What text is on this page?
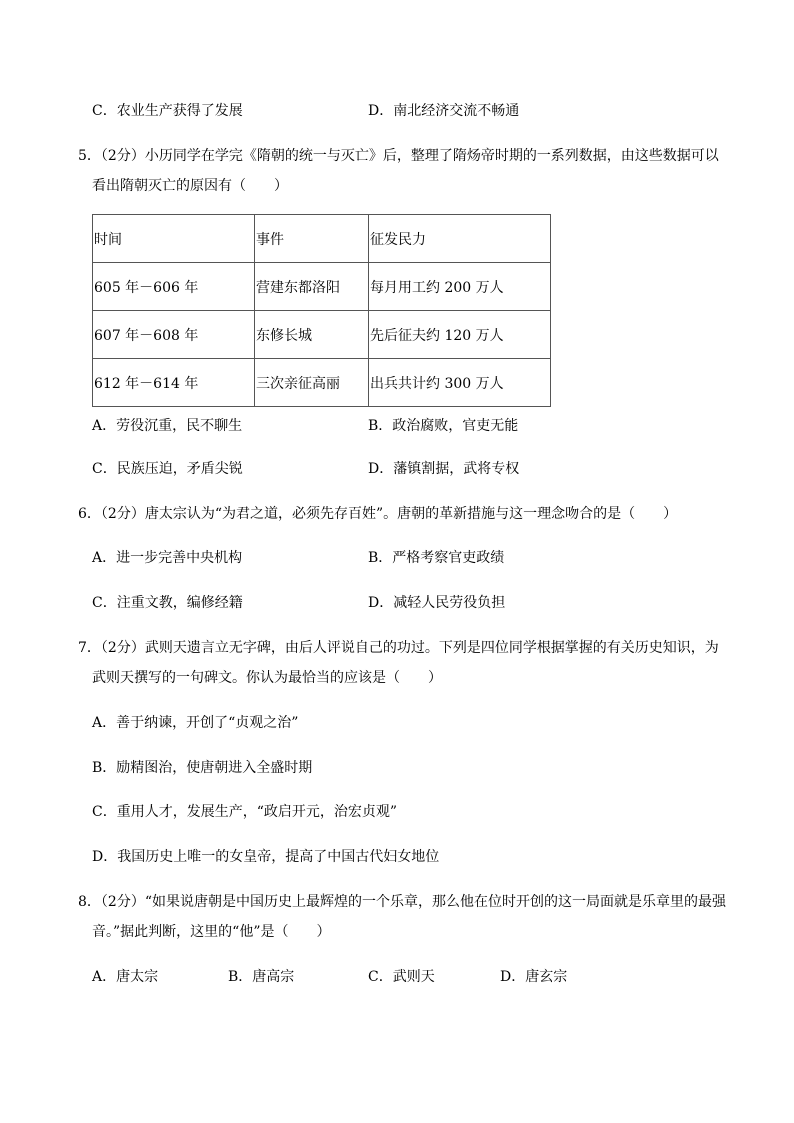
C．农业生产获得了发展	D．南北经济交流不畅通
5．（2分）小历同学在学完《隋朝的统一与灭亡》后，整理了隋炀帝时期的一系列数据，由这些数据可以
看出隋朝灭亡的原因有（　　）
时间	事件	征发民力
605 年－606 年	营建东都洛阳	每月用工约 200 万人
607 年－608 年	东修长城	先后征夫约 120 万人
612 年－614 年	三次亲征高丽	出兵共计约 300 万人
A．劳役沉重，民不聊生	B．政治腐败，官吏无能
C．民族压迫，矛盾尖锐	D．藩镇割据，武将专权
6．（2分）唐太宗认为“为君之道，必须先存百姓”。唐朝的革新措施与这一理念吻合的是（　　）
A．进一步完善中央机构	B．严格考察官吏政绩
C．注重文教，编修经籍	D．减轻人民劳役负担
7．（2分）武则天遗言立无字碑，由后人评说自己的功过。下列是四位同学根据掌握的有关历史知识，为
武则天撰写的一句碑文。你认为最恰当的应该是（　　）
A．善于纳谏，开创了“贞观之治”
B．励精图治，使唐朝进入全盛时期
C．重用人才，发展生产，“政启开元，治宏贞观”
D．我国历史上唯一的女皇帝，提高了中国古代妇女地位
8．（2分）“如果说唐朝是中国历史上最辉煌的一个乐章，那么他在位时开创的这一局面就是乐章里的最强
音。”据此判断，这里的“他”是（　　）
A．唐太宗	B．唐高宗	C．武则天	D．唐玄宗
